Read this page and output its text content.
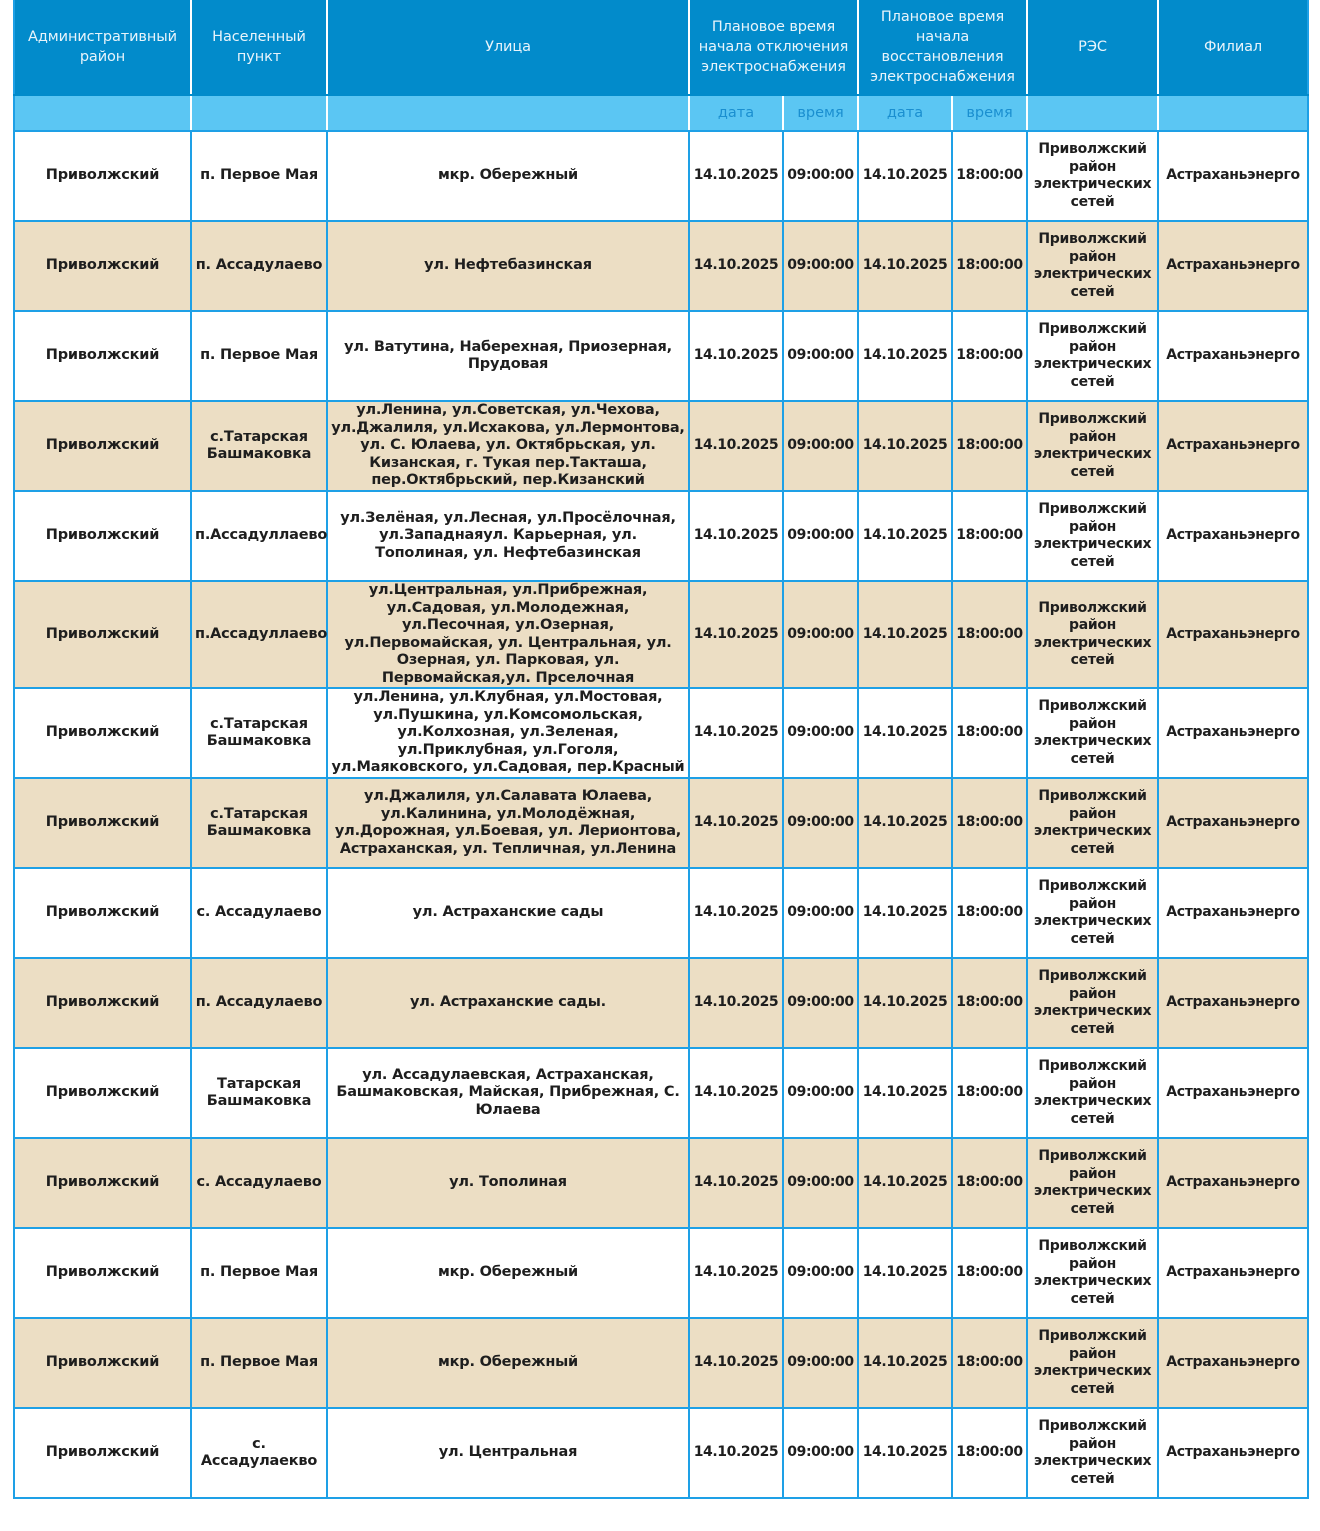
Административный район	Населенный пункт	Улица	Плановое время начала отключения электроснабжения		Плановое время начала восстановления электроснабжения		РЭС	Филиал
			дата	время	дата	время		
Приволжский	п. Первое Мая	мкр. Обережный	14.10.2025	09:00:00	14.10.2025	18:00:00	Приволжский район электрических сетей	Астраханьэнерго
Приволжский	п. Ассадулаево	ул. Нефтебазинская	14.10.2025	09:00:00	14.10.2025	18:00:00	Приволжский район электрических сетей	Астраханьэнерго
Приволжский	п. Первое Мая	ул. Ватутина, Наберехная, Приозерная, Прудовая	14.10.2025	09:00:00	14.10.2025	18:00:00	Приволжский район электрических сетей	Астраханьэнерго
Приволжский	с.Татарская Башмаковка	ул.Ленина, ул.Советская, ул.Чехова, ул.Джалиля, ул.Исхакова, ул.Лермонтова, ул. С. Юлаева, ул. Октябрьская, ул. Кизанская, г. Тукая пер.Такташа, пер.Октябрьский, пер.Кизанский	14.10.2025	09:00:00	14.10.2025	18:00:00	Приволжский район электрических сетей	Астраханьэнерго
Приволжский	п.Ассадуллаево	ул.Зелёная, ул.Лесная, ул.Просёлочная, ул.Западнаяул. Карьерная, ул. Тополиная, ул. Нефтебазинская	14.10.2025	09:00:00	14.10.2025	18:00:00	Приволжский район электрических сетей	Астраханьэнерго
Приволжский	п.Ассадуллаево	ул.Центральная, ул.Прибрежная, ул.Садовая, ул.Молодежная, ул.Песочная, ул.Озерная, ул.Первомайская, ул. Центральная, ул. Озерная, ул. Парковая, ул. Первомайская,ул. Прселочная	14.10.2025	09:00:00	14.10.2025	18:00:00	Приволжский район электрических сетей	Астраханьэнерго
Приволжский	с.Татарская Башмаковка	ул.Ленина, ул.Клубная, ул.Мостовая, ул.Пушкина, ул.Комсомольская, ул.Колхозная, ул.Зеленая, ул.Приклубная, ул.Гоголя, ул.Маяковского, ул.Садовая, пер.Красный	14.10.2025	09:00:00	14.10.2025	18:00:00	Приволжский район электрических сетей	Астраханьэнерго
Приволжский	с.Татарская Башмаковка	ул.Джалиля, ул.Салавата Юлаева, ул.Калинина, ул.Молодёжная, ул.Дорожная, ул.Боевая, ул. Лериoнтова, Астраханская, ул. Тепличная, ул.Ленина	14.10.2025	09:00:00	14.10.2025	18:00:00	Приволжский район электрических сетей	Астраханьэнерго
Приволжский	с. Ассадулаево	ул. Астраханские сады	14.10.2025	09:00:00	14.10.2025	18:00:00	Приволжский район электрических сетей	Астраханьэнерго
Приволжский	п. Ассадулаево	ул. Астраханские сады.	14.10.2025	09:00:00	14.10.2025	18:00:00	Приволжский район электрических сетей	Астраханьэнерго
Приволжский	Татарская Башмаковка	ул. Ассадулаевская, Астраханская, Башмаковская, Майская, Прибрежная, С. Юлаева	14.10.2025	09:00:00	14.10.2025	18:00:00	Приволжский район электрических сетей	Астраханьэнерго
Приволжский	с. Ассадулаево	ул. Тополиная	14.10.2025	09:00:00	14.10.2025	18:00:00	Приволжский район электрических сетей	Астраханьэнерго
Приволжский	п. Первое Мая	мкр. Обережный	14.10.2025	09:00:00	14.10.2025	18:00:00	Приволжский район электрических сетей	Астраханьэнерго
Приволжский	п. Первое Мая	мкр. Обережный	14.10.2025	09:00:00	14.10.2025	18:00:00	Приволжский район электрических сетей	Астраханьэнерго
Приволжский	с. Ассадулаекво	ул. Центральная	14.10.2025	09:00:00	14.10.2025	18:00:00	Приволжский район электрических сетей	Астраханьэнерго
